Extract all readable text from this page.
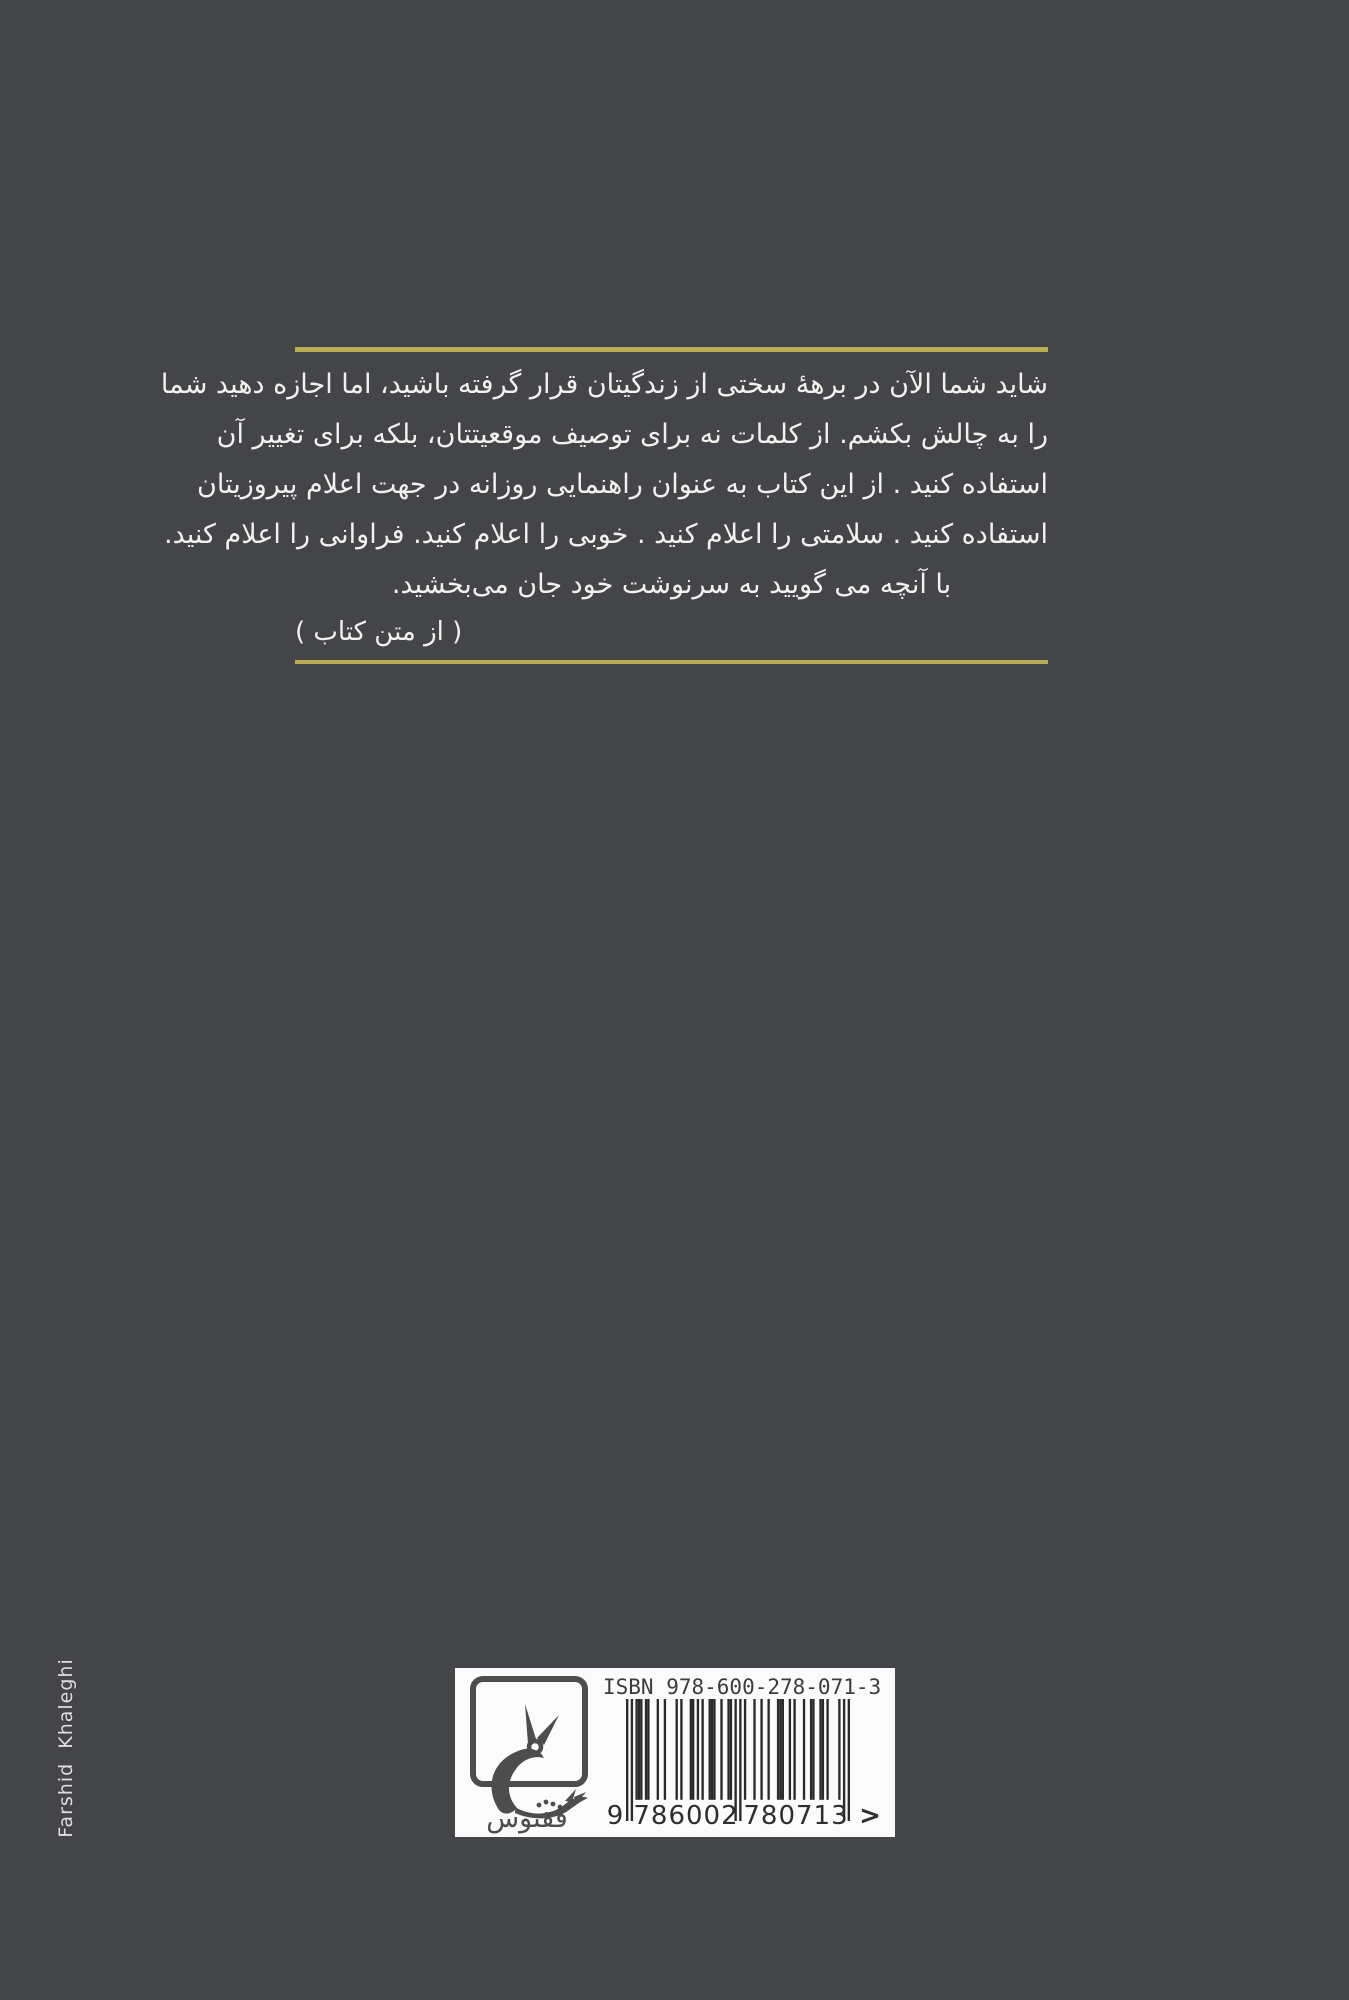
شاید شما الآن در برهۀ سختی از زندگیتان قرار گرفته باشید، اما اجازه دهید شما
را به چالش بکشم. از کلمات نه برای توصیف موقعیتتان، بلکه برای تغییر آن
استفاده کنید . از این کتاب به عنوان راهنمایی روزانه در جهت اعلام پیروزیتان
استفاده کنید . سلامتی را اعلام کنید . خوبی را اعلام کنید. فراوانی را اعلام کنید.
با آنچه می گویید به سرنوشت خود جان می‌بخشید.
( از متن کتاب )
Farshid  Khaleghi	ققنوس
ISBN 978-600-278-071-3
9 786002 780713 >
